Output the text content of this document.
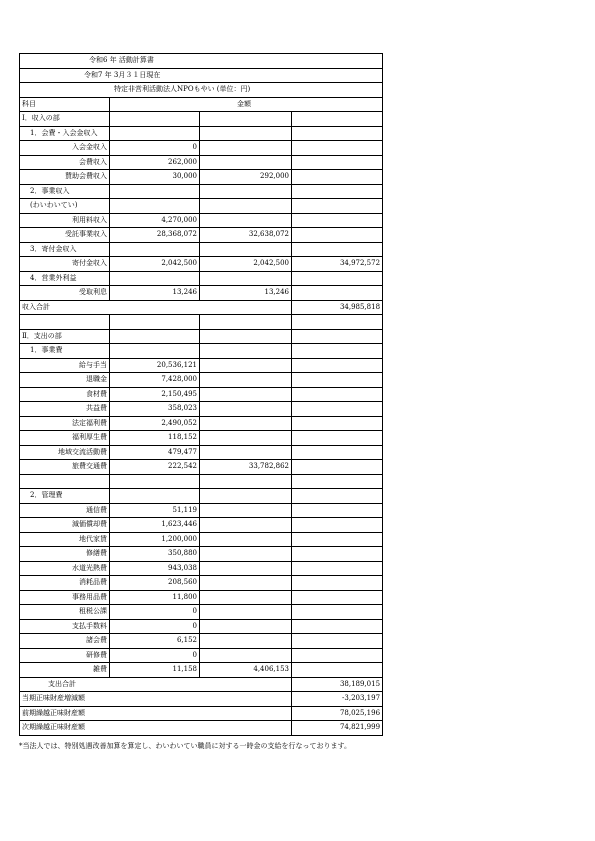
令和6 年 活動計算書			
令和7 年 3月３１日現在			
特定非営利活動法人NPOもやい (単位：円)			
科目	金額		
Ⅰ．収入の部			
1．会費・入会金収入			
入会金収入	0		
会費収入	262,000		
賛助会費収入	30,000	292,000	
2．事業収入			
(わいわいてい)			
利用料収入	4,270,000		
受託事業収入	28,368,072	32,638,072	
3．寄付金収入			
寄付金収入	2,042,500	2,042,500	34,972,572
4．営業外利益			
受取利息	13,246	13,246	
収入合計			34,985,818

Ⅱ．支出の部			
1．事業費			
給与手当	20,536,121		
退職金	7,428,000		
食材費	2,150,495		
共益費	358,023		
法定福利費	2,490,052		
福利厚生費	118,152		
地域交流活動費	479,477		
旅費交通費	222,542	33,782,862	

2．管理費			
通信費	51,119		
減価償却費	1,623,446		
地代家賃	1,200,000		
修繕費	350,880		
水道光熱費	943,038		
消耗品費	208,560		
事務用品費	11,800		
租税公課	0		
支払手数料	0		
諸会費	6,152		
研修費	0		
雑費	11,158	4,406,153	
支出合計			38,189,015
当期正味財産増減額			-3,203,197
前期繰越正味財産額			78,025,196
次期繰越正味財産額			74,821,999
*当法人では、特別処遇改善加算を算定し、わいわいてい職員に対する一時金の支給を行なっております。
